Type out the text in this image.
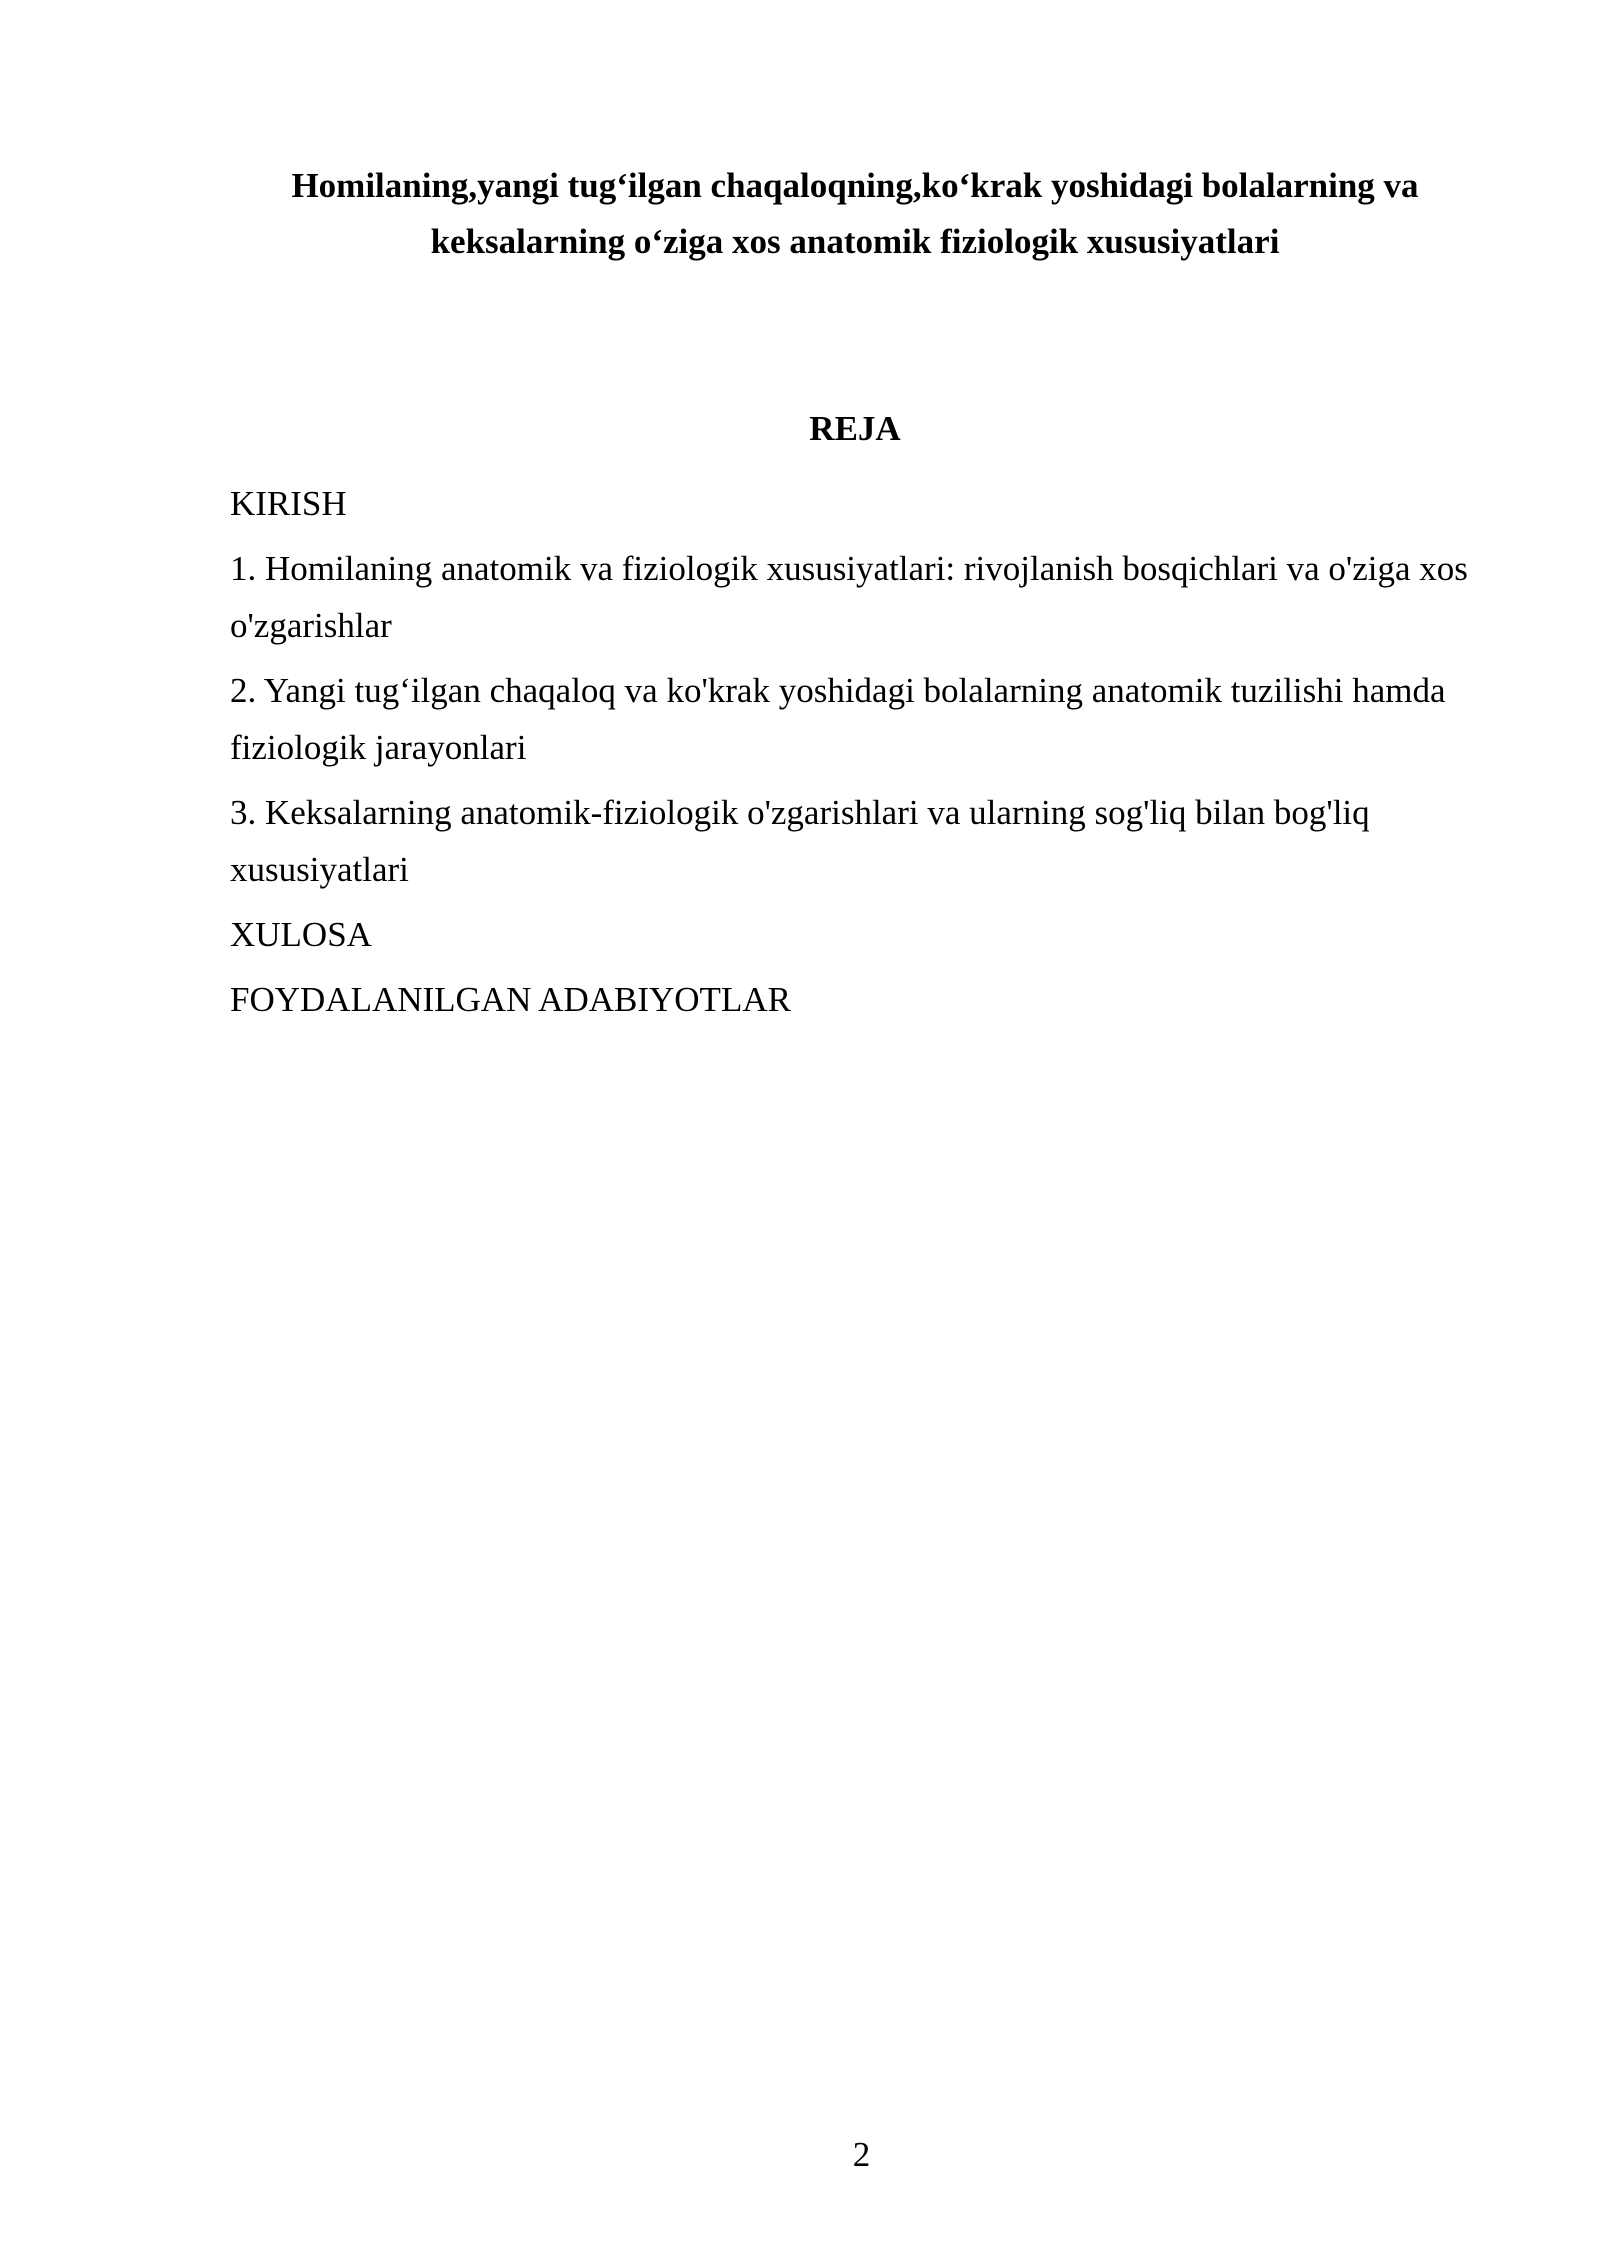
Homilaning,yangi tug‘ilgan chaqaloqning,ko‘krak yoshidagi bolalarning va keksalarning o‘ziga xos anatomik fiziologik xususiyatlari
REJA
KIRISH
1. Homilaning anatomik va fiziologik xususiyatlari: rivojlanish bosqichlari va o'ziga xos o'zgarishlar
2. Yangi tug‘ilgan chaqaloq va ko'krak yoshidagi bolalarning anatomik tuzilishi hamda fiziologik jarayonlari
3. Keksalarning anatomik-fiziologik o'zgarishlari va ularning sog'liq bilan bog'liq xususiyatlari
XULOSA
FOYDALANILGAN ADABIYOTLAR
2
